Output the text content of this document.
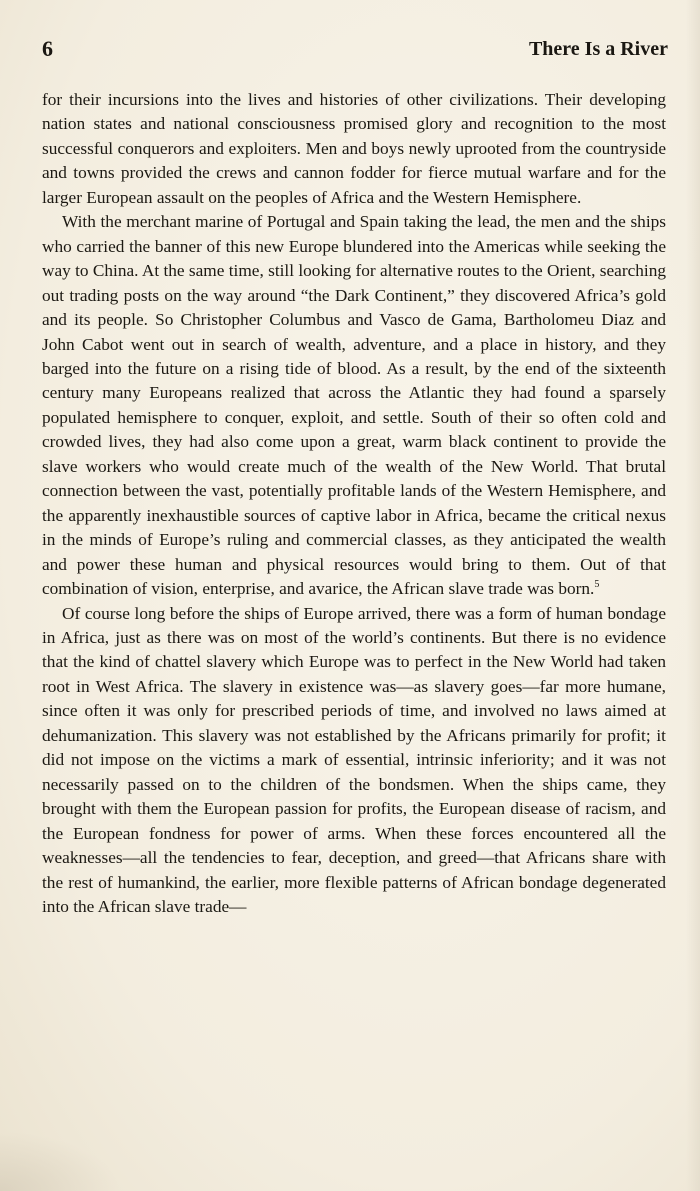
6	There Is a River

for their incursions into the lives and histories of other civilizations. Their developing nation states and national consciousness promised glory and recognition to the most successful conquerors and exploiters. Men and boys newly uprooted from the countryside and towns provided the crews and cannon fodder for fierce mutual warfare and for the larger European assault on the peoples of Africa and the Western Hemisphere.

With the merchant marine of Portugal and Spain taking the lead, the men and the ships who carried the banner of this new Europe blundered into the Americas while seeking the way to China. At the same time, still looking for alternative routes to the Orient, searching out trading posts on the way around “the Dark Continent,” they discovered Africa’s gold and its people. So Christopher Columbus and Vasco de Gama, Bartholomeu Diaz and John Cabot went out in search of wealth, adventure, and a place in history, and they barged into the future on a rising tide of blood. As a result, by the end of the sixteenth century many Europeans realized that across the Atlantic they had found a sparsely populated hemisphere to conquer, exploit, and settle. South of their so often cold and crowded lives, they had also come upon a great, warm black continent to provide the slave workers who would create much of the wealth of the New World. That brutal connection between the vast, potentially profitable lands of the Western Hemisphere, and the apparently inexhaustible sources of captive labor in Africa, became the critical nexus in the minds of Europe’s ruling and commercial classes, as they anticipated the wealth and power these human and physical resources would bring to them. Out of that combination of vision, enterprise, and avarice, the African slave trade was born.$^5$

Of course long before the ships of Europe arrived, there was a form of human bondage in Africa, just as there was on most of the world’s continents. But there is no evidence that the kind of chattel slavery which Europe was to perfect in the New World had taken root in West Africa. The slavery in existence was—as slavery goes—far more humane, since often it was only for prescribed periods of time, and involved no laws aimed at dehumanization. This slavery was not established by the Africans primarily for profit; it did not impose on the victims a mark of essential, intrinsic inferiority; and it was not necessarily passed on to the children of the bondsmen. When the ships came, they brought with them the European passion for profits, the European disease of racism, and the European fondness for power of arms. When these forces encountered all the weaknesses—all the tendencies to fear, deception, and greed—that Africans share with the rest of humankind, the earlier, more flexible patterns of African bondage degenerated into the African slave trade—
